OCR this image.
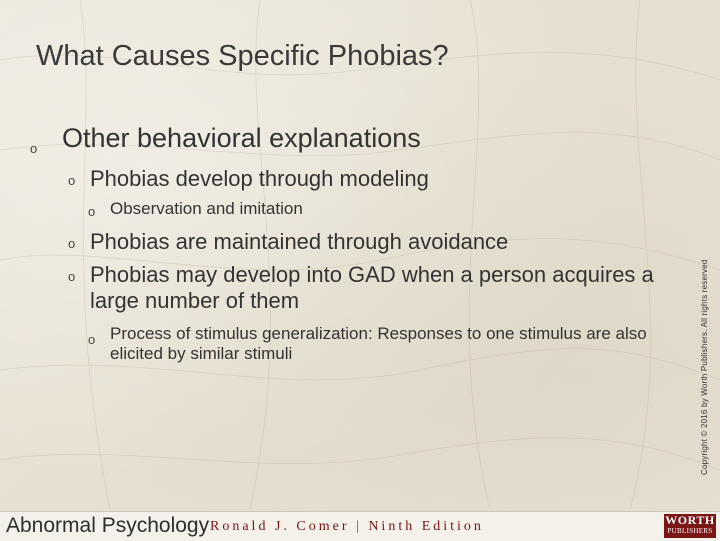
What Causes Specific Phobias?
o Other behavioral explanations

o Phobias develop through modeling

o Observation and imitation

o Phobias are maintained through avoidance

o Phobias may develop into GAD when a person acquires a large number of them

o Process of stimulus generalization: Responses to one stimulus are also elicited by similar stimuli	Copyright © 2016 by Worth Publishers. All rights reserved
Abnormal Psychology Ronald J. Comer | Ninth Edition	WORTH
PUBLISHERS
